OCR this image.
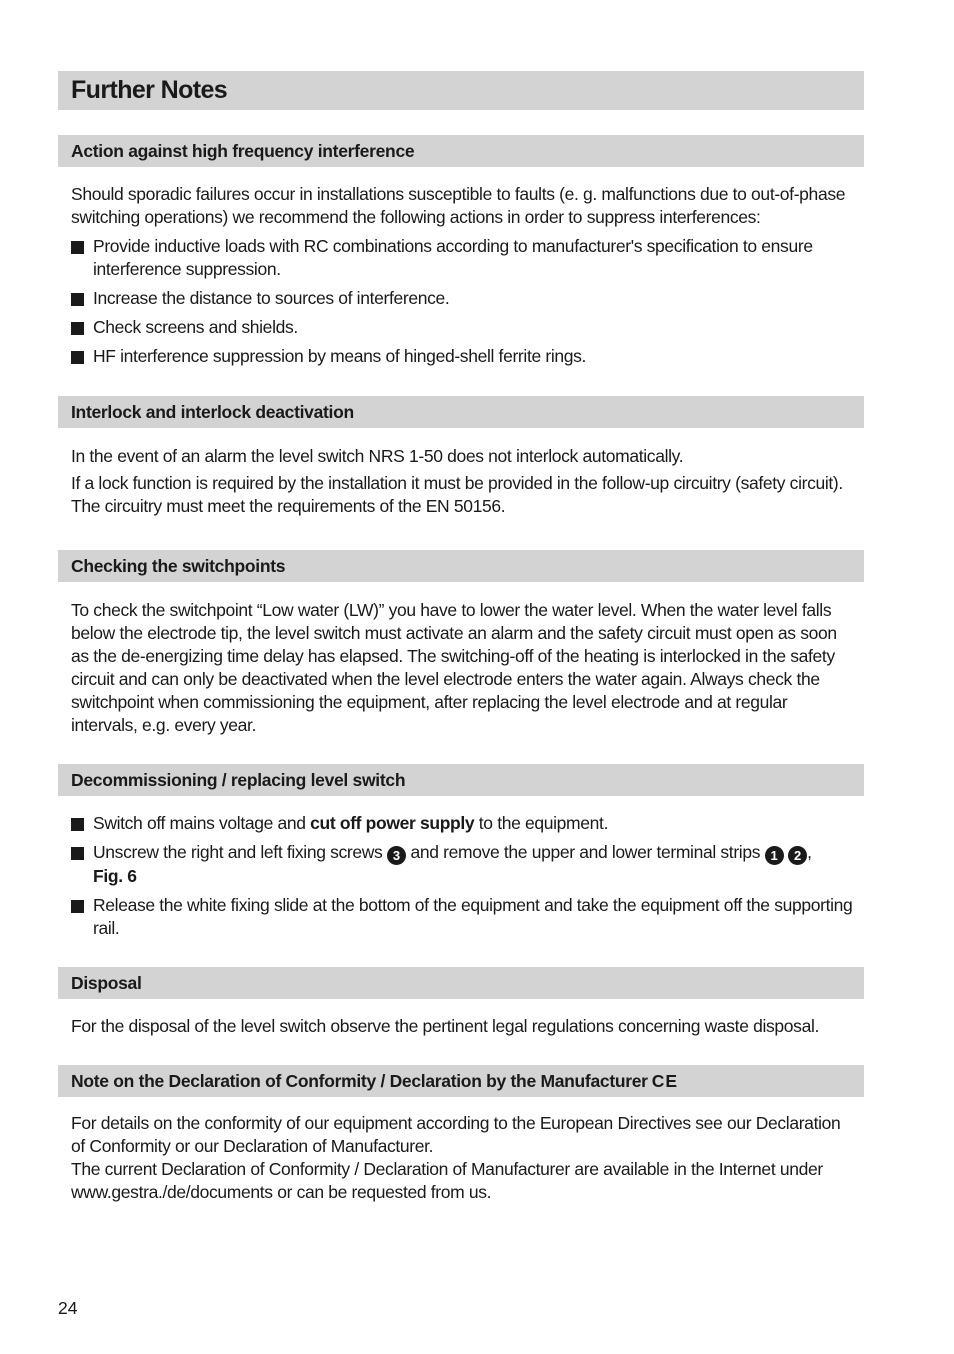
Further Notes
Action against high frequency interference

Should sporadic failures occur in installations susceptible to faults (e. g. malfunctions due to out-of-phase switching operations) we recommend the following actions in order to suppress interferences:

Provide inductive loads with RC combinations according to manufacturer's specification to ensure interference suppression.
Increase the distance to sources of interference.
Check screens and shields.
HF interference suppression by means of hinged-shell ferrite rings.
Interlock and interlock deactivation

In the event of an alarm the level switch NRS 1-50 does not interlock automatically.

If a lock function is required by the installation it must be provided in the follow-up circuitry (safety circuit). The circuitry must meet the requirements of the EN 50156.

Checking the switchpoints

To check the switchpoint “Low water (LW)” you have to lower the water level. When the water level falls below the electrode tip, the level switch must activate an alarm and the safety circuit must open as soon as the de-energizing time delay has elapsed. The switching-off of the heating is interlocked in the safety circuit and can only be deactivated when the level electrode enters the water again. Always check the switchpoint when commissioning the equipment, after replacing the level electrode and at regular intervals, e.g. every year.

Decommissioning / replacing level switch
Switch off mains voltage and cut off power supply to the equipment.
Unscrew the right and left fixing screws 3 and remove the upper and lower terminal strips 1 2 ,
Fig. 6
Release the white fixing slide at the bottom of the equipment and take the equipment off the supporting rail.
Disposal

For the disposal of the level switch observe the pertinent legal regulations concerning waste disposal.

Note on the Declaration of Conformity / Declaration by the Manufacturer CE

For details on the conformity of our equipment according to the European Directives see our Declaration of Conformity or our Declaration of Manufacturer.

The current Declaration of Conformity / Declaration of Manufacturer are available in the Internet under www.gestra./de/documents or can be requested from us.

24
